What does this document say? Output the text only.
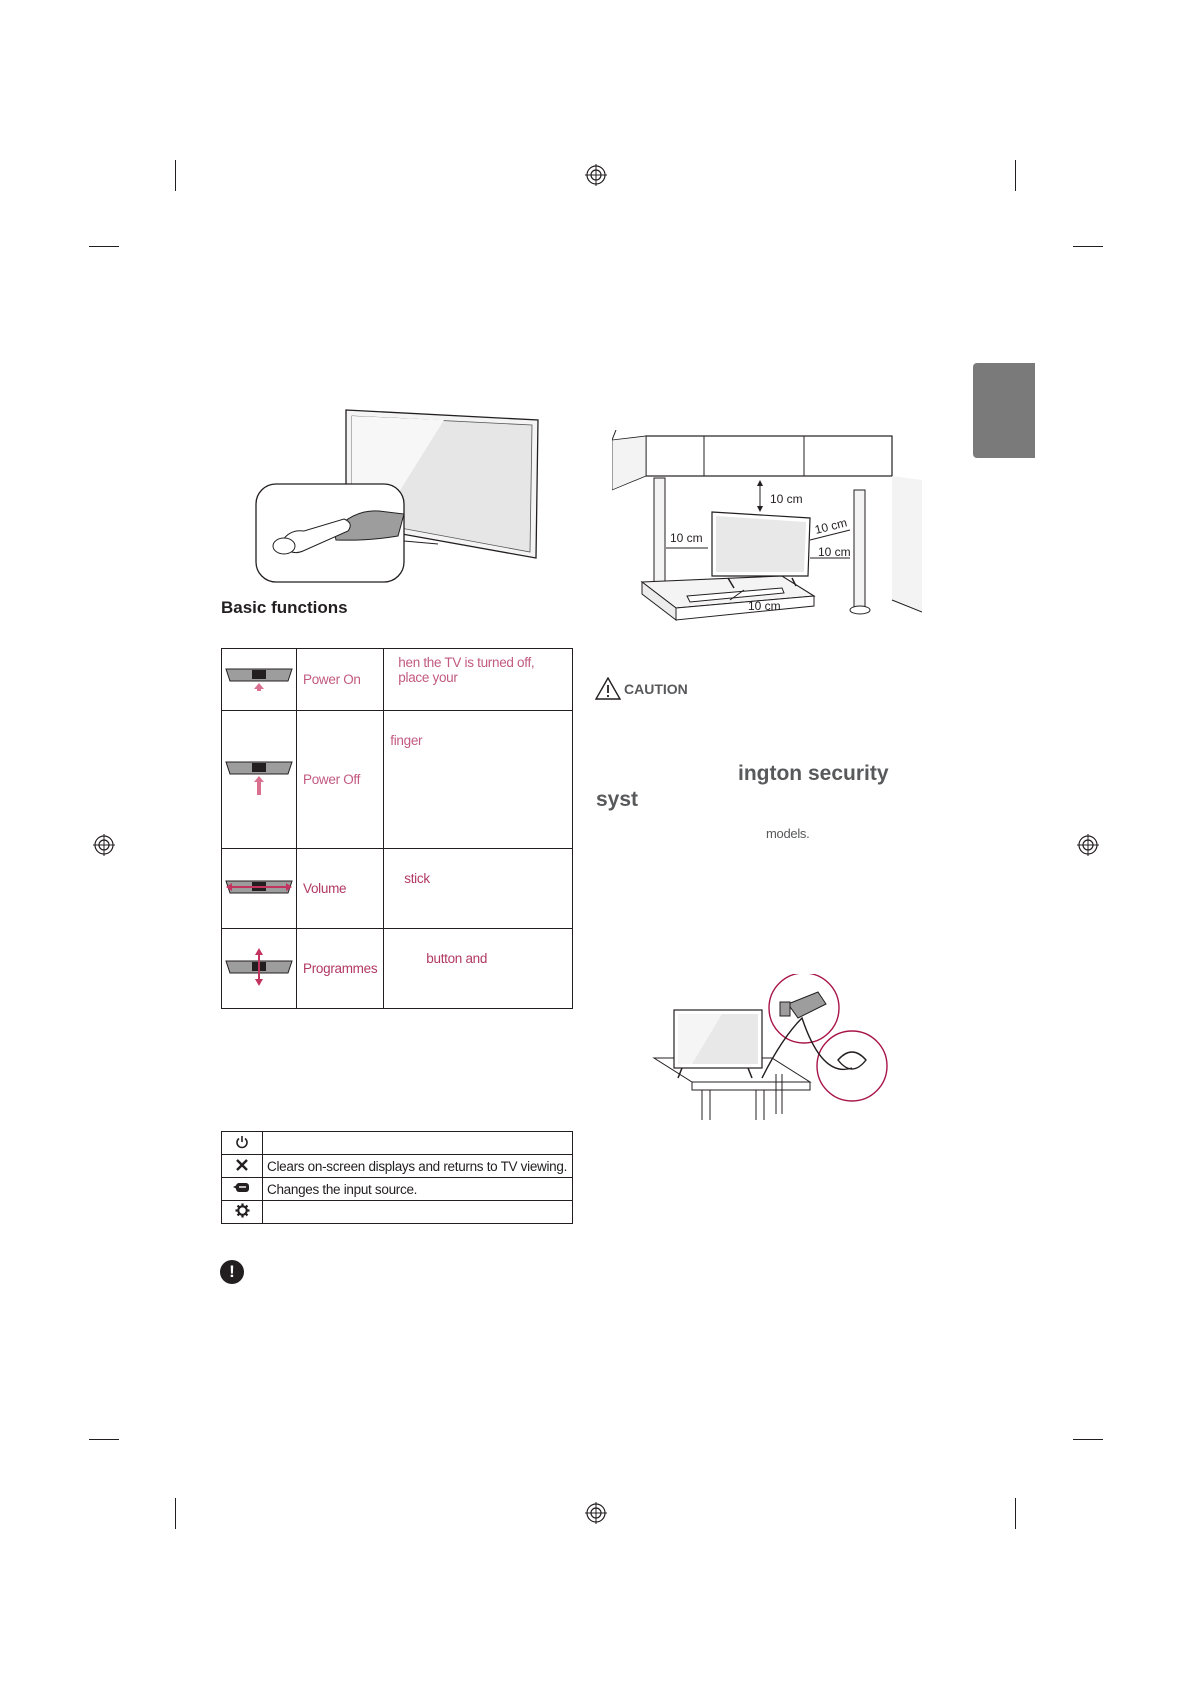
Basic functions
	Power On	hen the TV is turned off, place your
	Power Off	finger
	Volume	stick
	Programmes	button and

	Clears on-screen displays and returns to TV viewing.
	Changes the input source.

!
10 cm
10 cm
10 cm
10 cm
10 cm
CAUTION
ington security
syst
models.
